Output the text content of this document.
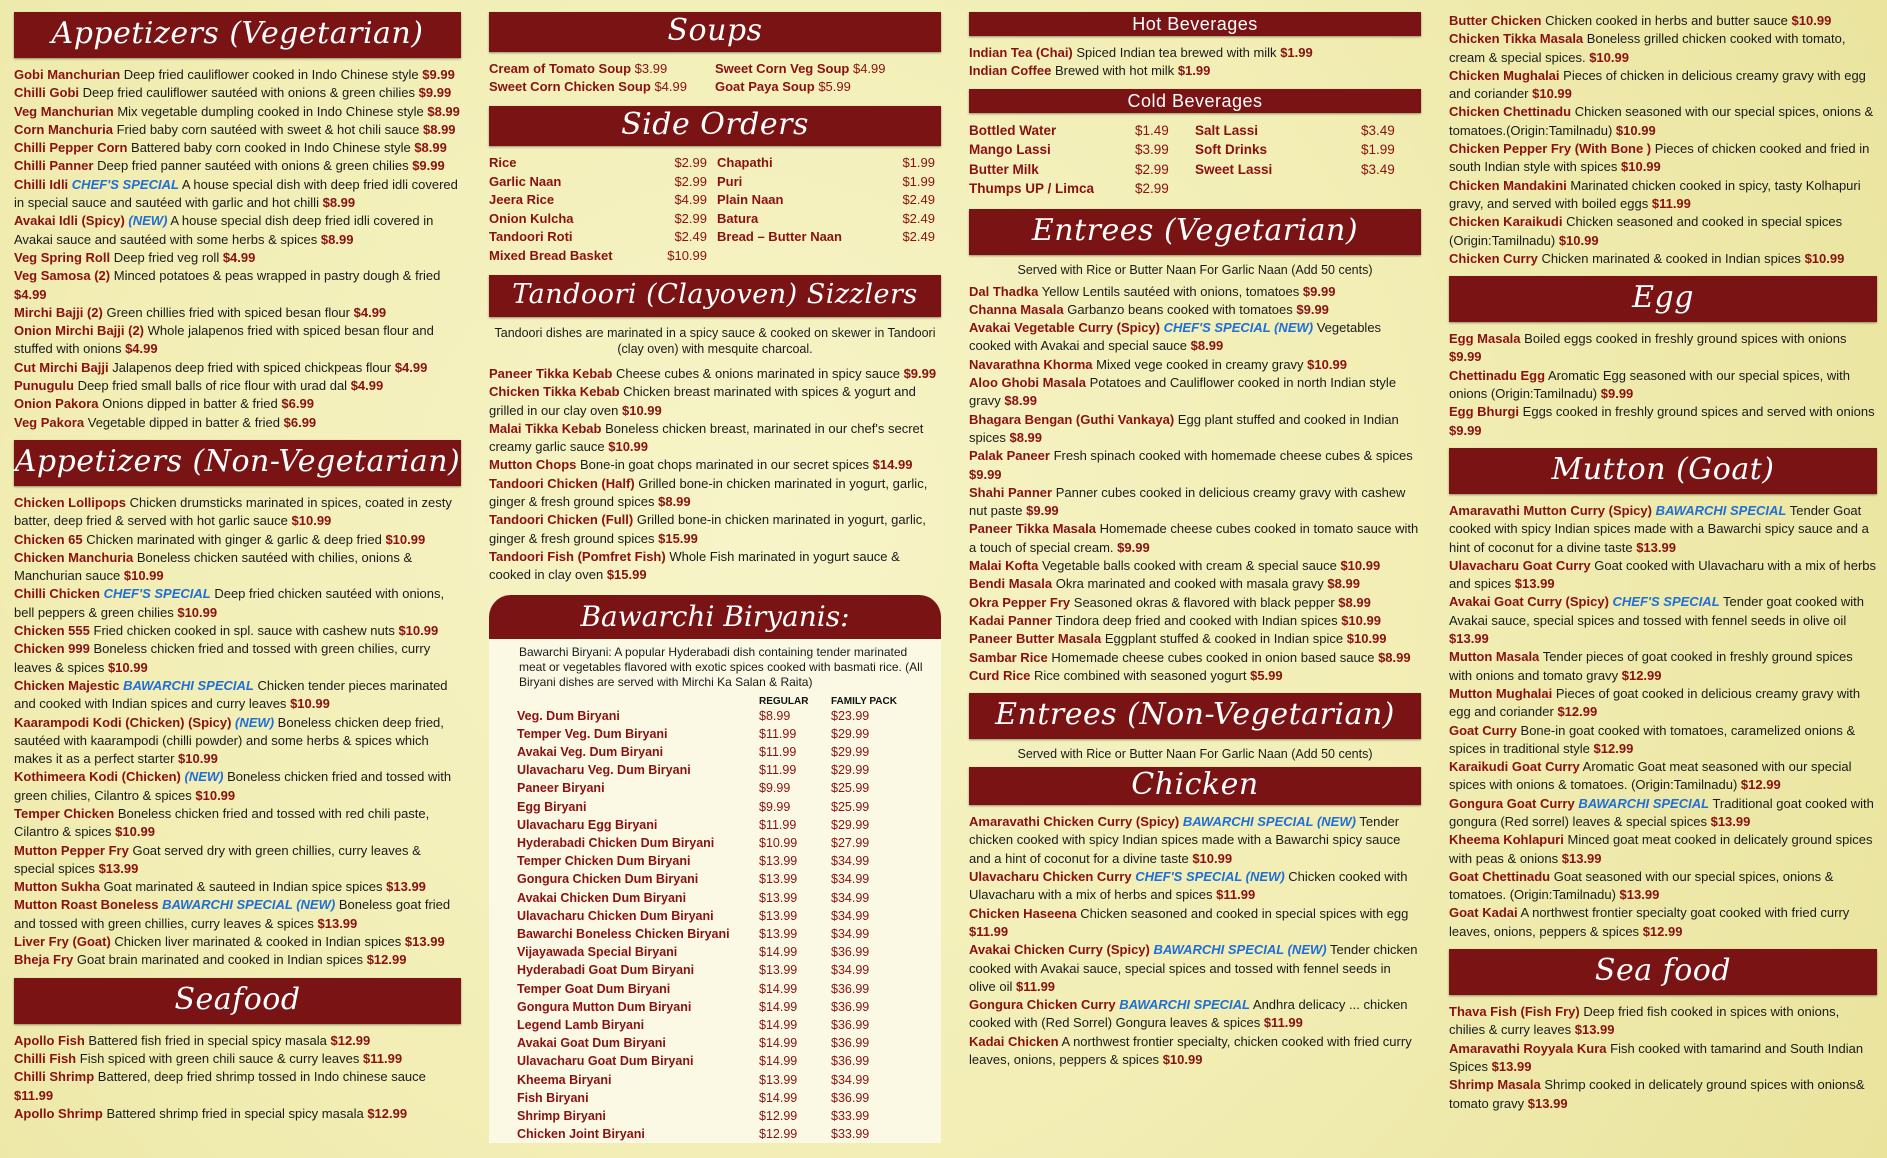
Appetizers (Vegetarian)

Gobi Manchurian Deep fried cauliflower cooked in Indo Chinese style $9.99

Chilli Gobi Deep fried cauliflower sautéed with onions & green chilies $9.99

Veg Manchurian Mix vegetable dumpling cooked in Indo Chinese style $8.99

Corn Manchuria Fried baby corn sautéed with sweet & hot chili sauce $8.99

Chilli Pepper Corn Battered baby corn cooked in Indo Chinese style $8.99

Chilli Panner Deep fried panner sautéed with onions & green chilies $9.99

Chilli Idli CHEF'S SPECIAL A house special dish with deep fried idli covered in special sauce and sautéed with garlic and hot chilli $8.99

Avakai Idli (Spicy) (NEW) A house special dish deep fried idli covered in Avakai sauce and sautéed with some herbs & spices $8.99

Veg Spring Roll Deep fried veg roll $4.99

Veg Samosa (2) Minced potatoes & peas wrapped in pastry dough & fried $4.99

Mirchi Bajji (2) Green chillies fried with spiced besan flour $4.99

Onion Mirchi Bajji (2) Whole jalapenos fried with spiced besan flour and stuffed with onions $4.99

Cut Mirchi Bajji Jalapenos deep fried with spiced chickpeas flour $4.99

Punugulu Deep fried small balls of rice flour with urad dal $4.99

Onion Pakora Onions dipped in batter & fried $6.99

Veg Pakora Vegetable dipped in batter & fried $6.99

Appetizers (Non-Vegetarian)

Chicken Lollipops Chicken drumsticks marinated in spices, coated in zesty batter, deep fried & served with hot garlic sauce $10.99

Chicken 65 Chicken marinated with ginger & garlic & deep fried $10.99

Chicken Manchuria Boneless chicken sautéed with chilies, onions & Manchurian sauce $10.99

Chilli Chicken CHEF'S SPECIAL Deep fried chicken sautéed with onions, bell peppers & green chilies $10.99

Chicken 555 Fried chicken cooked in spl. sauce with cashew nuts $10.99

Chicken 999 Boneless chicken fried and tossed with green chilies, curry leaves & spices $10.99

Chicken Majestic BAWARCHI SPECIAL Chicken tender pieces marinated and cooked with Indian spices and curry leaves $10.99

Kaarampodi Kodi (Chicken) (Spicy) (NEW) Boneless chicken deep fried, sautéed with kaarampodi (chilli powder) and some herbs & spices which makes it as a perfect starter $10.99

Kothimeera Kodi (Chicken) (NEW) Boneless chicken fried and tossed with green chilies, Cilantro & spices $10.99

Temper Chicken Boneless chicken fried and tossed with red chili paste, Cilantro & spices $10.99

Mutton Pepper Fry Goat served dry with green chillies, curry leaves & special spices $13.99

Mutton Sukha Goat marinated & sauteed in Indian spice spices $13.99

Mutton Roast Boneless BAWARCHI SPECIAL (NEW) Boneless goat fried and tossed with green chillies, curry leaves & spices $13.99

Liver Fry (Goat) Chicken liver marinated & cooked in Indian spices $13.99

Bheja Fry Goat brain marinated and cooked in Indian spices $12.99

Seafood

Apollo Fish Battered fish fried in special spicy masala $12.99

Chilli Fish Fish spiced with green chili sauce & curry leaves $11.99

Chilli Shrimp Battered, deep fried shrimp tossed in Indo chinese sauce $11.99

Apollo Shrimp Battered shrimp fried in special spicy masala $12.99

Soups
Cream of Tomato Soup $3.99	Sweet Corn Veg Soup $4.99
Sweet Corn Chicken Soup $4.99	Goat Paya Soup $5.99
Side Orders
Rice	$2.99 Chapathi	$1.99
Garlic Naan	$2.99 Puri	$1.99
Jeera Rice	$4.99 Plain Naan	$2.49
Onion Kulcha	$2.99 Batura	$2.49
Tandoori Roti	$2.49 Bread – Butter Naan	$2.49
Mixed Bread Basket	$10.99
Tandoori (Clayoven) Sizzlers
Tandoori dishes are marinated in a spicy sauce & cooked on skewer in Tandoori (clay oven) with mesquite charcoal.

Paneer Tikka Kebab Cheese cubes & onions marinated in spicy sauce $9.99

Chicken Tikka Kebab Chicken breast marinated with spices & yogurt and grilled in our clay oven $10.99

Malai Tikka Kebab Boneless chicken breast, marinated in our chef's secret creamy garlic sauce $10.99

Mutton Chops Bone-in goat chops marinated in our secret spices $14.99

Tandoori Chicken (Half) Grilled bone-in chicken marinated in yogurt, garlic, ginger & fresh ground spices $8.99

Tandoori Chicken (Full) Grilled bone-in chicken marinated in yogurt, garlic, ginger & fresh ground spices $15.99

Tandoori Fish (Pomfret Fish) Whole Fish marinated in yogurt sauce & cooked in clay oven $15.99

Bawarchi Biryanis:
Bawarchi Biryani: A popular Hyderabadi dish containing tender marinated meat or vegetables flavored with exotic spices cooked with basmati rice. (All Biryani dishes are served with Mirchi Ka Salan & Raita)
	REGULAR	FAMILY PACK
Veg. Dum Biryani	$8.99	$23.99
Temper Veg. Dum Biryani	$11.99	$29.99
Avakai Veg. Dum Biryani	$11.99	$29.99
Ulavacharu Veg. Dum Biryani	$11.99	$29.99
Paneer Biryani	$9.99	$25.99
Egg Biryani	$9.99	$25.99
Ulavacharu Egg Biryani	$11.99	$29.99
Hyderabadi Chicken Dum Biryani	$10.99	$27.99
Temper Chicken Dum Biryani	$13.99	$34.99
Gongura Chicken Dum Biryani	$13.99	$34.99
Avakai Chicken Dum Biryani	$13.99	$34.99
Ulavacharu Chicken Dum Biryani	$13.99	$34.99
Bawarchi Boneless Chicken Biryani	$13.99	$34.99
Vijayawada Special Biryani	$14.99	$36.99
Hyderabadi Goat Dum Biryani	$13.99	$34.99
Temper Goat Dum Biryani	$14.99	$36.99
Gongura Mutton Dum Biryani	$14.99	$36.99
Legend Lamb Biryani	$14.99	$36.99
Avakai Goat Dum Biryani	$14.99	$36.99
Ulavacharu Goat Dum Biryani	$14.99	$36.99
Kheema Biryani	$13.99	$34.99
Fish Biryani	$14.99	$36.99
Shrimp Biryani	$12.99	$33.99
Chicken Joint Biryani	$12.99	$33.99
Hot Beverages

Indian Tea (Chai) Spiced Indian tea brewed with milk $1.99

Indian Coffee Brewed with hot milk $1.99

Cold Beverages
Bottled Water	$1.49	Salt Lassi	$3.49
Mango Lassi	$3.99	Soft Drinks	$1.99
Butter Milk	$2.99	Sweet Lassi	$3.49
Thumps UP / Limca	$2.99
Entrees (Vegetarian)
Served with Rice or Butter Naan For Garlic Naan (Add 50 cents)

Dal Thadka Yellow Lentils sautéed with onions, tomatoes $9.99

Channa Masala Garbanzo beans cooked with tomatoes $9.99

Avakai Vegetable Curry (Spicy) CHEF'S SPECIAL (NEW) Vegetables cooked with Avakai and special sauce $8.99

Navarathna Khorma Mixed vege cooked in creamy gravy $10.99

Aloo Ghobi Masala Potatoes and Cauliflower cooked in north Indian style gravy $8.99

Bhagara Bengan (Guthi Vankaya) Egg plant stuffed and cooked in Indian spices $8.99

Palak Paneer Fresh spinach cooked with homemade cheese cubes & spices $9.99

Shahi Panner Panner cubes cooked in delicious creamy gravy with cashew nut paste $9.99

Paneer Tikka Masala Homemade cheese cubes cooked in tomato sauce with a touch of special cream. $9.99

Malai Kofta Vegetable balls cooked with cream & special sauce $10.99

Bendi Masala Okra marinated and cooked with masala gravy $8.99

Okra Pepper Fry Seasoned okras & flavored with black pepper $8.99

Kadai Panner Tindora deep fried and cooked with Indian spices $10.99

Paneer Butter Masala Eggplant stuffed & cooked in Indian spice $10.99

Sambar Rice Homemade cheese cubes cooked in onion based sauce $8.99

Curd Rice Rice combined with seasoned yogurt $5.99

Entrees (Non-Vegetarian)
Served with Rice or Butter Naan For Garlic Naan (Add 50 cents)
Chicken

Amaravathi Chicken Curry (Spicy) BAWARCHI SPECIAL (NEW) Tender chicken cooked with spicy Indian spices made with a Bawarchi spicy sauce and a hint of coconut for a divine taste $10.99

Ulavacharu Chicken Curry CHEF'S SPECIAL (NEW) Chicken cooked with Ulavacharu with a mix of herbs and spices $11.99

Chicken Haseena Chicken seasoned and cooked in special spices with egg $11.99

Avakai Chicken Curry (Spicy) BAWARCHI SPECIAL (NEW) Tender chicken cooked with Avakai sauce, special spices and tossed with fennel seeds in olive oil $11.99

Gongura Chicken Curry BAWARCHI SPECIAL Andhra delicacy ... chicken cooked with (Red Sorrel) Gongura leaves & spices $11.99

Kadai Chicken A northwest frontier specialty, chicken cooked with fried curry leaves, onions, peppers & spices $10.99

Butter Chicken Chicken cooked in herbs and butter sauce $10.99

Chicken Tikka Masala Boneless grilled chicken cooked with tomato, cream & special spices. $10.99

Chicken Mughalai Pieces of chicken in delicious creamy gravy with egg and coriander $10.99

Chicken Chettinadu Chicken seasoned with our special spices, onions & tomatoes.(Origin:Tamilnadu) $10.99

Chicken Pepper Fry (With Bone ) Pieces of chicken cooked and fried in south Indian style with spices $10.99

Chicken Mandakini Marinated chicken cooked in spicy, tasty Kolhapuri gravy, and served with boiled eggs $11.99

Chicken Karaikudi Chicken seasoned and cooked in special spices (Origin:Tamilnadu) $10.99

Chicken Curry Chicken marinated & cooked in Indian spices $10.99

Egg

Egg Masala Boiled eggs cooked in freshly ground spices with onions $9.99

Chettinadu Egg Aromatic Egg seasoned with our special spices, with onions (Origin:Tamilnadu) $9.99

Egg Bhurgi Eggs cooked in freshly ground spices and served with onions $9.99

Mutton (Goat)

Amaravathi Mutton Curry (Spicy) BAWARCHI SPECIAL Tender Goat cooked with spicy Indian spices made with a Bawarchi spicy sauce and a hint of coconut for a divine taste $13.99

Ulavacharu Goat Curry Goat cooked with Ulavacharu with a mix of herbs and spices $13.99

Avakai Goat Curry (Spicy) CHEF'S SPECIAL Tender goat cooked with Avakai sauce, special spices and tossed with fennel seeds in olive oil $13.99

Mutton Masala Tender pieces of goat cooked in freshly ground spices with onions and tomato gravy $12.99

Mutton Mughalai Pieces of goat cooked in delicious creamy gravy with egg and coriander $12.99

Goat Curry Bone-in goat cooked with tomatoes, caramelized onions & spices in traditional style $12.99

Karaikudi Goat Curry Aromatic Goat meat seasoned with our special spices with onions & tomatoes. (Origin:Tamilnadu) $12.99

Gongura Goat Curry BAWARCHI SPECIAL Traditional goat cooked with gongura (Red sorrel) leaves & special spices $13.99

Kheema Kohlapuri Minced goat meat cooked in delicately ground spices with peas & onions $13.99

Goat Chettinadu Goat seasoned with our special spices, onions & tomatoes. (Origin:Tamilnadu) $13.99

Goat Kadai A northwest frontier specialty goat cooked with fried curry leaves, onions, peppers & spices $12.99

Sea food

Thava Fish (Fish Fry) Deep fried fish cooked in spices with onions, chilies & curry leaves $13.99

Amaravathi Royyala Kura Fish cooked with tamarind and South Indian Spices $13.99

Shrimp Masala Shrimp cooked in delicately ground spices with onions& tomato gravy $13.99
